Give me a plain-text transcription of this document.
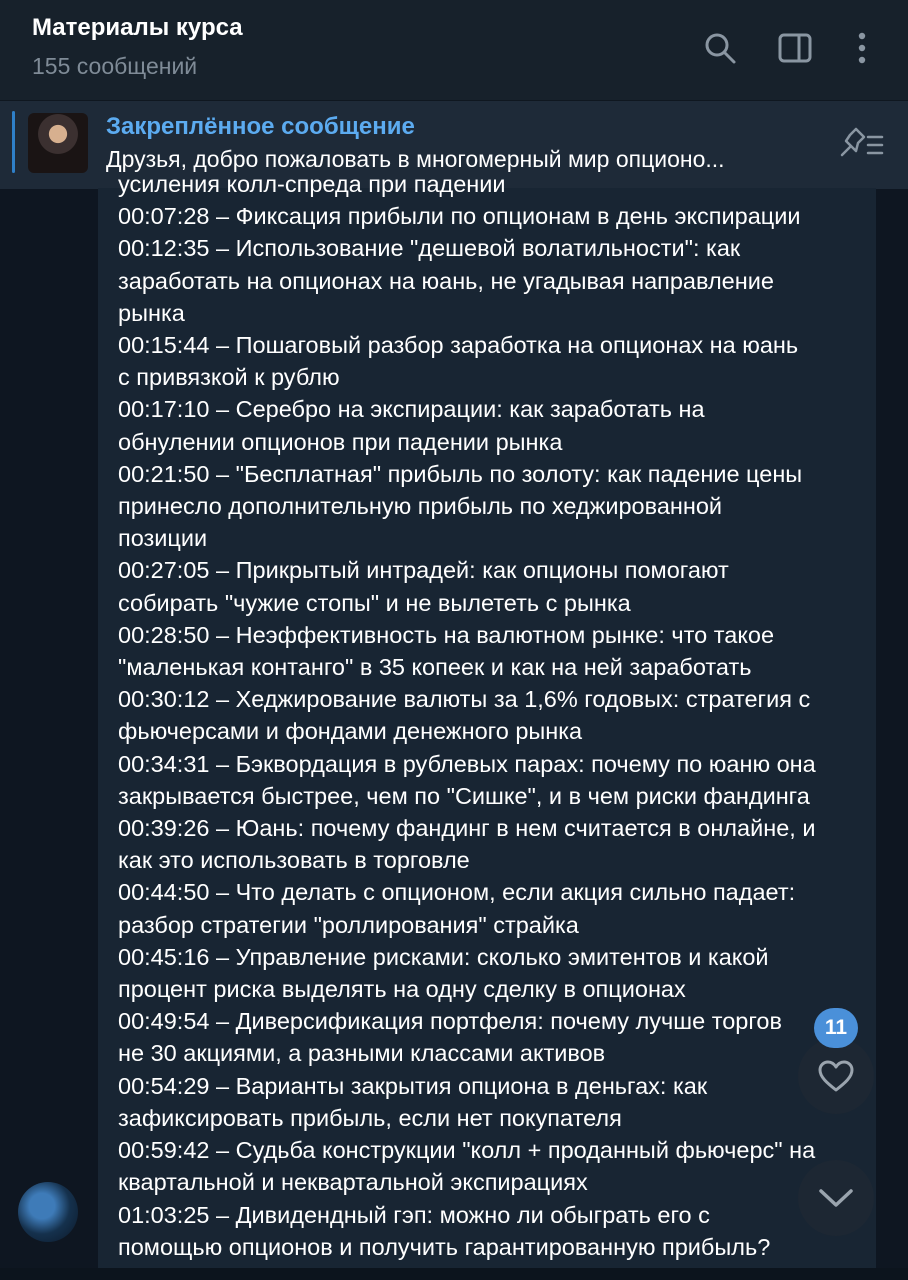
Материалы курса
155 сообщений
Закреплённое сообщение
Друзья, добро пожаловать в многомерный мир опционо...
усиления колл-спреда при падении
00:07:28 – Фиксация прибыли по опционам в день экспирации
00:12:35 – Использование "дешевой волатильности": как
заработать на опционах на юань, не угадывая направление
рынка
00:15:44 – Пошаговый разбор заработка на опционах на юань
с привязкой к рублю
00:17:10 – Серебро на экспирации: как заработать на
обнулении опционов при падении рынка
00:21:50 – "Бесплатная" прибыль по золоту: как падение цены
принесло дополнительную прибыль по хеджированной
позиции
00:27:05 – Прикрытый интрадей: как опционы помогают
собирать "чужие стопы" и не вылететь с рынка
00:28:50 – Неэффективность на валютном рынке: что такое
"маленькая контанго" в 35 копеек и как на ней заработать
00:30:12 – Хеджирование валюты за 1,6% годовых: стратегия с
фьючерсами и фондами денежного рынка
00:34:31 – Бэквордация в рублевых парах: почему по юаню она
закрывается быстрее, чем по "Сишке", и в чем риски фандинга
00:39:26 – Юань: почему фандинг в нем считается в онлайне, и
как это использовать в торговле
00:44:50 – Что делать с опционом, если акция сильно падает:
разбор стратегии "роллирования" страйка
00:45:16 – Управление рисками: сколько эмитентов и какой
процент риска выделять на одну сделку в опционах
00:49:54 – Диверсификация портфеля: почему лучше торгов
не 30 акциями, а разными классами активов
00:54:29 – Варианты закрытия опциона в деньгах: как
зафиксировать прибыль, если нет покупателя
00:59:42 – Судьба конструкции "колл + проданный фьючерс" на
квартальной и неквартальной экспирациях
01:03:25 – Дивидендный гэп: можно ли обыграть его с
помощью опционов и получить гарантированную прибыль?
11
